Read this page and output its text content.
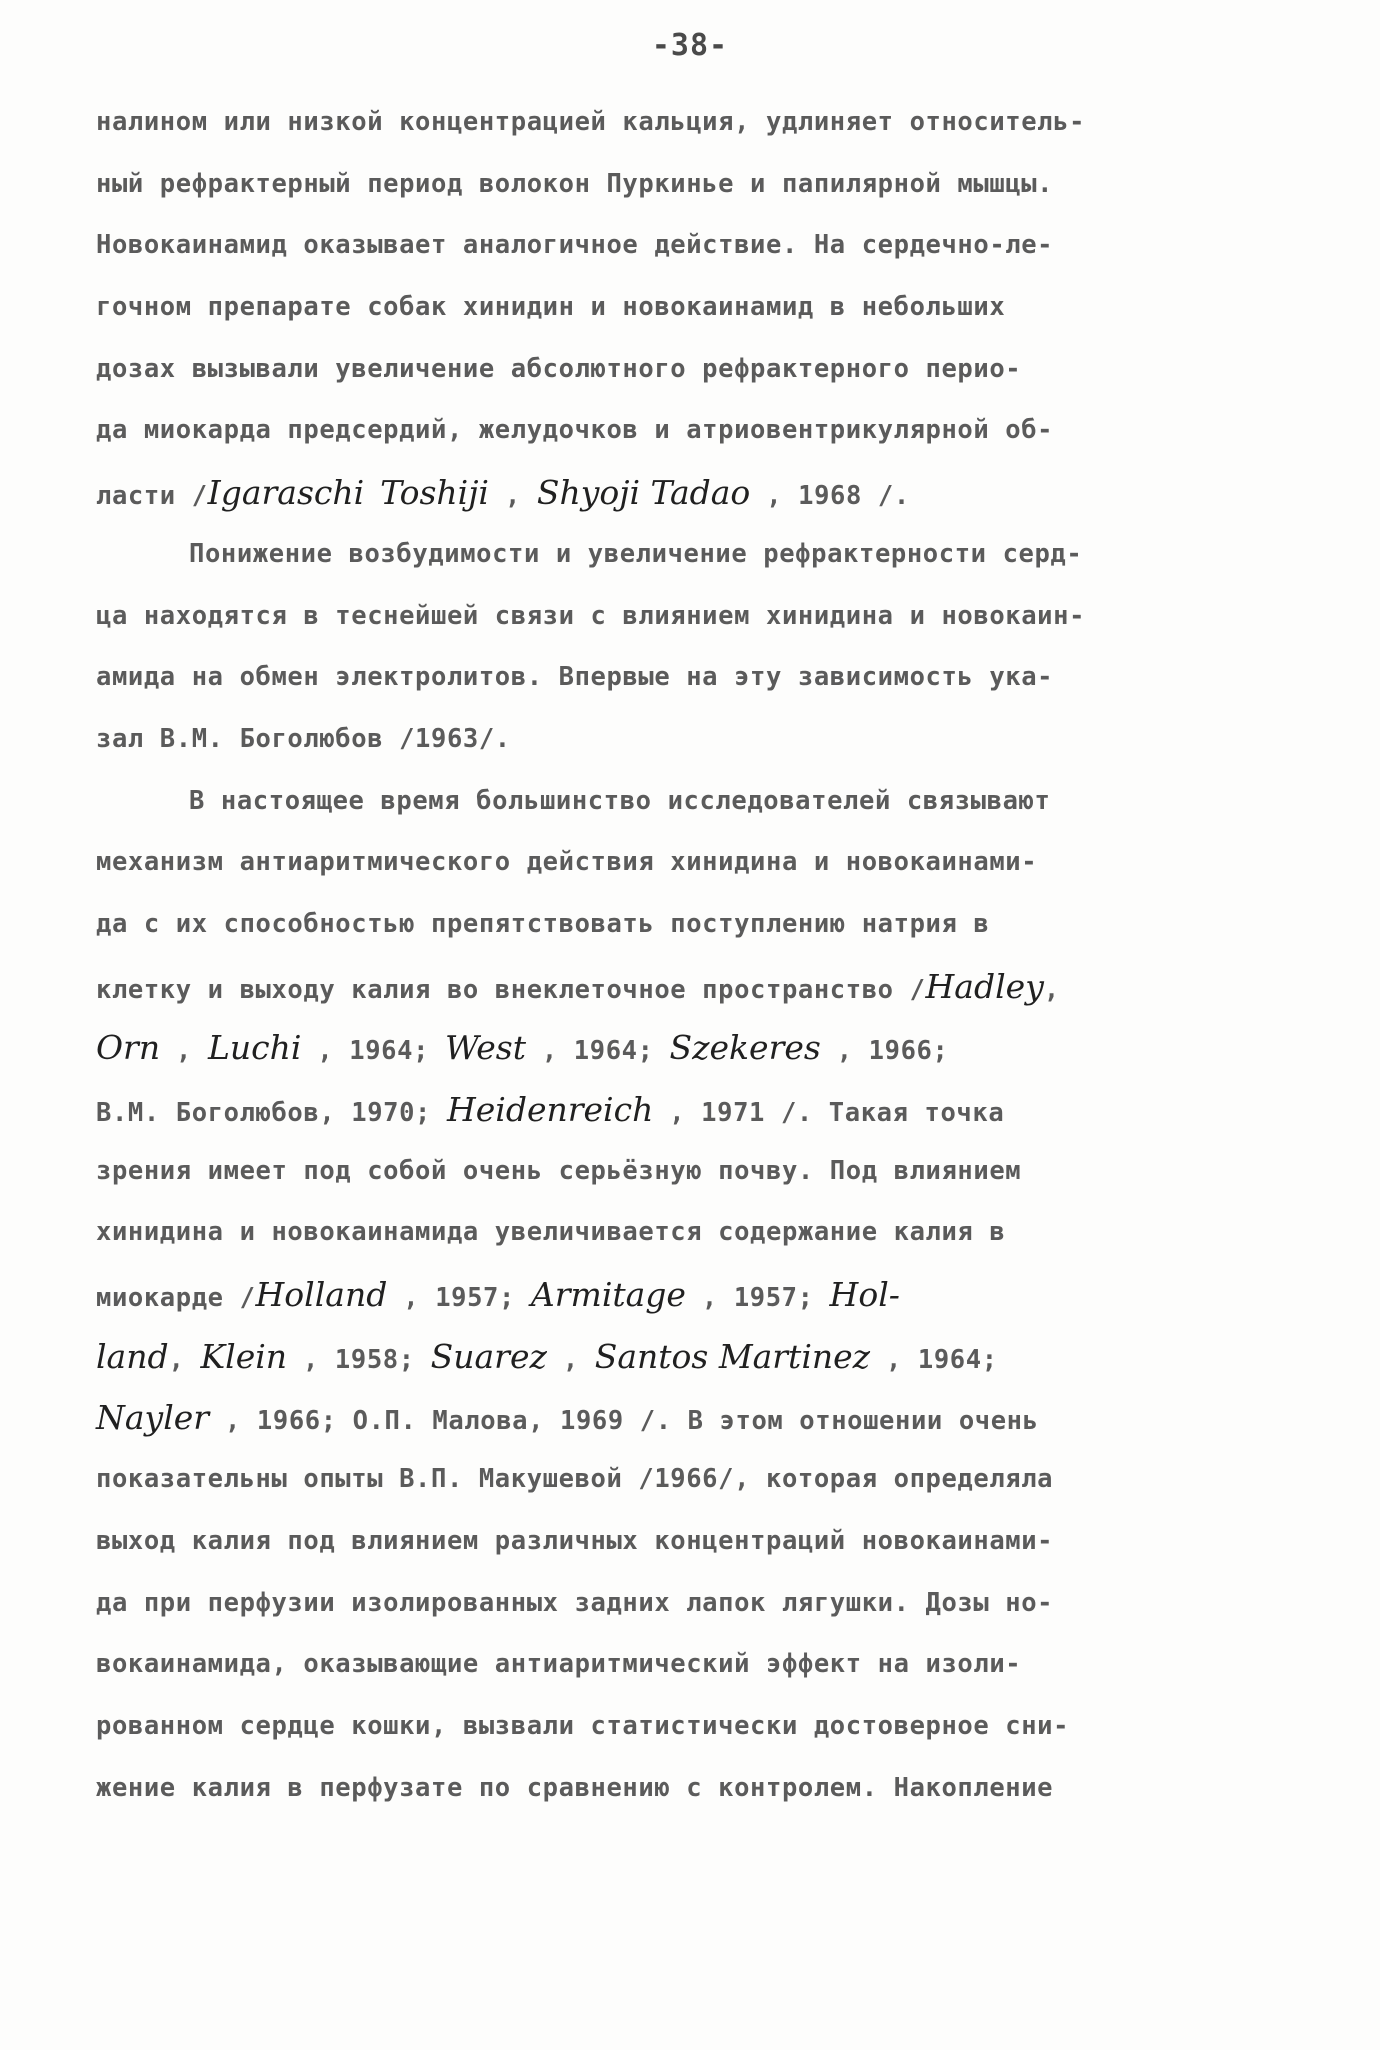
-38-
налином или низкой концентрацией кальция, удлиняет относитель-
ный рефрактерный период волокон Пуркинье и папилярной мышцы.
Новокаинамид оказывает аналогичное действие. На сердечно-ле-
гочном препарате собак хинидин и новокаинамид в небольших
дозах вызывали увеличение абсолютного рефрактерного перио-
да миокарда предсердий, желудочков и атриовентрикулярной об-
ласти /Igaraschi Toshiji , Shyoji Tadao , 1968 /.
Понижение возбудимости и увеличение рефрактерности серд-
ца находятся в теснейшей связи с влиянием хинидина и новокаин-
амида на обмен электролитов. Впервые на эту зависимость ука-
зал В.М. Боголюбов /1963/.
В настоящее время большинство исследователей связывают
механизм антиаритмического действия хинидина и новокаинами-
да с их способностью препятствовать поступлению натрия в
клетку и выходу калия во внеклеточное пространство /Hadley,
Orn , Luchi , 1964; West , 1964; Szekeres , 1966;
В.М. Боголюбов, 1970; Heidenreich , 1971 /. Такая точка
зрения имеет под собой очень серьёзную почву. Под влиянием
хинидина и новокаинамида увеличивается содержание калия в
миокарде /Holland , 1957; Armitage , 1957; Hol-
land, Klein , 1958; Suarez , Santos Martinez , 1964;
Nayler , 1966; О.П. Малова, 1969 /. В этом отношении очень
показательны опыты В.П. Макушевой /1966/, которая определяла
выход калия под влиянием различных концентраций новокаинами-
да при перфузии изолированных задних лапок лягушки. Дозы но-
вокаинамида, оказывающие антиаритмический эффект на изоли-
рованном сердце кошки, вызвали статистически достоверное сни-
жение калия в перфузате по сравнению с контролем. Накопление
